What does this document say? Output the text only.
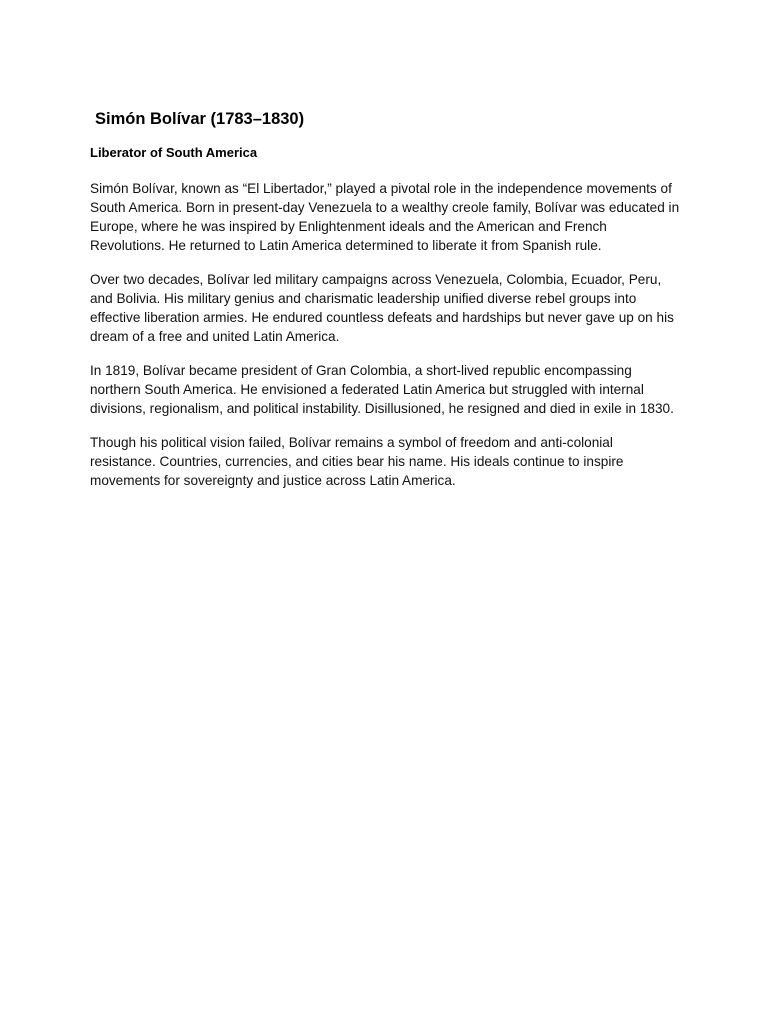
Simón Bolívar (1783–1830)
Liberator of South America

Simón Bolívar, known as “El Libertador,” played a pivotal role in the independence movements of South America. Born in present-day Venezuela to a wealthy creole family, Bolívar was educated in Europe, where he was inspired by Enlightenment ideals and the American and French Revolutions. He returned to Latin America determined to liberate it from Spanish rule.

Over two decades, Bolívar led military campaigns across Venezuela, Colombia, Ecuador, Peru, and Bolivia. His military genius and charismatic leadership unified diverse rebel groups into effective liberation armies. He endured countless defeats and hardships but never gave up on his dream of a free and united Latin America.

In 1819, Bolívar became president of Gran Colombia, a short-lived republic encompassing northern South America. He envisioned a federated Latin America but struggled with internal divisions, regionalism, and political instability. Disillusioned, he resigned and died in exile in 1830.

Though his political vision failed, Bolívar remains a symbol of freedom and anti-colonial resistance. Countries, currencies, and cities bear his name. His ideals continue to inspire movements for sovereignty and justice across Latin America.
